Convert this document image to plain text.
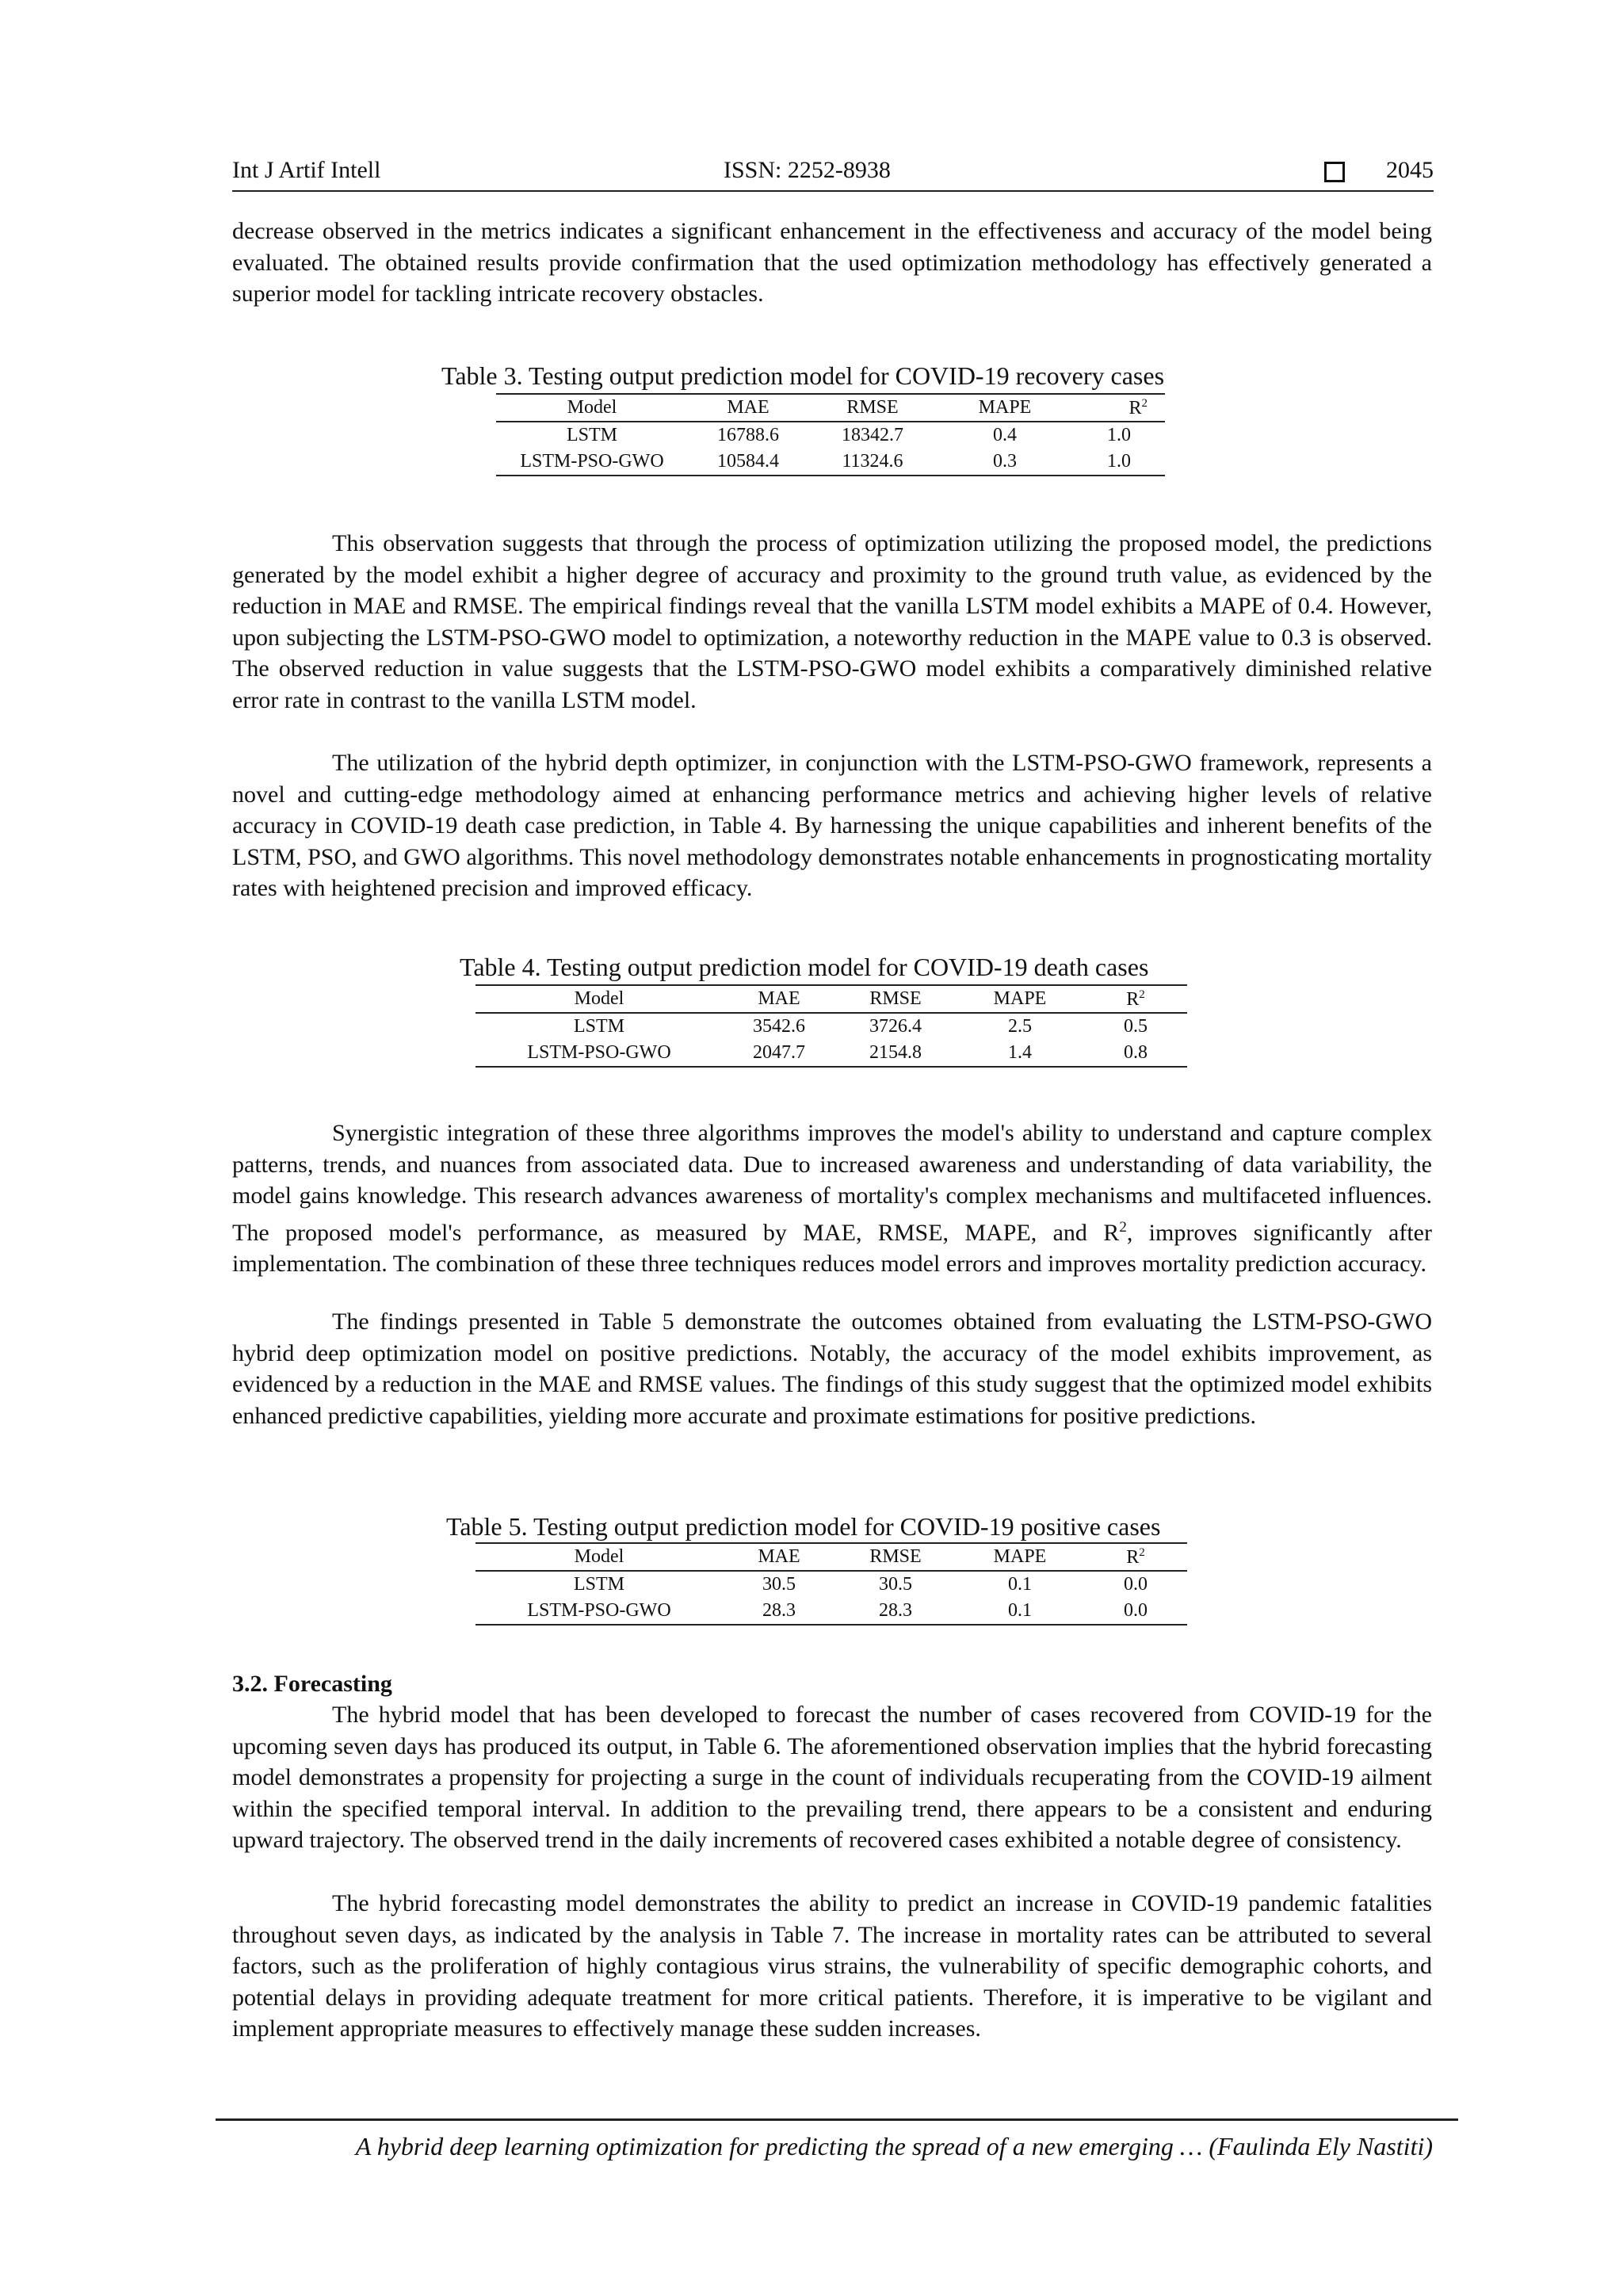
Int J Artif Intell	ISSN: 2252-8938	2045

decrease observed in the metrics indicates a significant enhancement in the effectiveness and accuracy of the model being evaluated. The obtained results provide confirmation that the used optimization methodology has effectively generated a superior model for tackling intricate recovery obstacles.

Table 3. Testing output prediction model for COVID-19 recovery cases
Model	MAE	RMSE	MAPE	$R^2$
LSTM	16788.6	18342.7	0.4	1.0
LSTM-PSO-GWO	10584.4	11324.6	0.3	1.0

This observation suggests that through the process of optimization utilizing the proposed model, the predictions generated by the model exhibit a higher degree of accuracy and proximity to the ground truth value, as evidenced by the reduction in MAE and RMSE. The empirical findings reveal that the vanilla LSTM model exhibits a MAPE of 0.4. However, upon subjecting the LSTM-PSO-GWO model to optimization, a noteworthy reduction in the MAPE value to 0.3 is observed. The observed reduction in value suggests that the LSTM-PSO-GWO model exhibits a comparatively diminished relative error rate in contrast to the vanilla LSTM model.

The utilization of the hybrid depth optimizer, in conjunction with the LSTM-PSO-GWO framework, represents a novel and cutting-edge methodology aimed at enhancing performance metrics and achieving higher levels of relative accuracy in COVID-19 death case prediction, in Table 4. By harnessing the unique capabilities and inherent benefits of the LSTM, PSO, and GWO algorithms. This novel methodology demonstrates notable enhancements in prognosticating mortality rates with heightened precision and improved efficacy.

Table 4. Testing output prediction model for COVID-19 death cases
Model	MAE	RMSE	MAPE	$R^2$
LSTM	3542.6	3726.4	2.5	0.5
LSTM-PSO-GWO	2047.7	2154.8	1.4	0.8

Synergistic integration of these three algorithms improves the model's ability to understand and capture complex patterns, trends, and nuances from associated data. Due to increased awareness and understanding of data variability, the model gains knowledge. This research advances awareness of mortality's complex mechanisms and multifaceted influences. The proposed model's performance, as measured by MAE, RMSE, MAPE, and $R^2$, improves significantly after implementation. The combination of these three techniques reduces model errors and improves mortality prediction accuracy.

The findings presented in Table 5 demonstrate the outcomes obtained from evaluating the LSTM-PSO-GWO hybrid deep optimization model on positive predictions. Notably, the accuracy of the model exhibits improvement, as evidenced by a reduction in the MAE and RMSE values. The findings of this study suggest that the optimized model exhibits enhanced predictive capabilities, yielding more accurate and proximate estimations for positive predictions.

Table 5. Testing output prediction model for COVID-19 positive cases
Model	MAE	RMSE	MAPE	$R^2$
LSTM	30.5	30.5	0.1	0.0
LSTM-PSO-GWO	28.3	28.3	0.1	0.0
3.2. Forecasting

The hybrid model that has been developed to forecast the number of cases recovered from COVID-19 for the upcoming seven days has produced its output, in Table 6. The aforementioned observation implies that the hybrid forecasting model demonstrates a propensity for projecting a surge in the count of individuals recuperating from the COVID-19 ailment within the specified temporal interval. In addition to the prevailing trend, there appears to be a consistent and enduring upward trajectory. The observed trend in the daily increments of recovered cases exhibited a notable degree of consistency.

The hybrid forecasting model demonstrates the ability to predict an increase in COVID-19 pandemic fatalities throughout seven days, as indicated by the analysis in Table 7. The increase in mortality rates can be attributed to several factors, such as the proliferation of highly contagious virus strains, the vulnerability of specific demographic cohorts, and potential delays in providing adequate treatment for more critical patients. Therefore, it is imperative to be vigilant and implement appropriate measures to effectively manage these sudden increases.

A hybrid deep learning optimization for predicting the spread of a new emerging … (Faulinda Ely Nastiti)
